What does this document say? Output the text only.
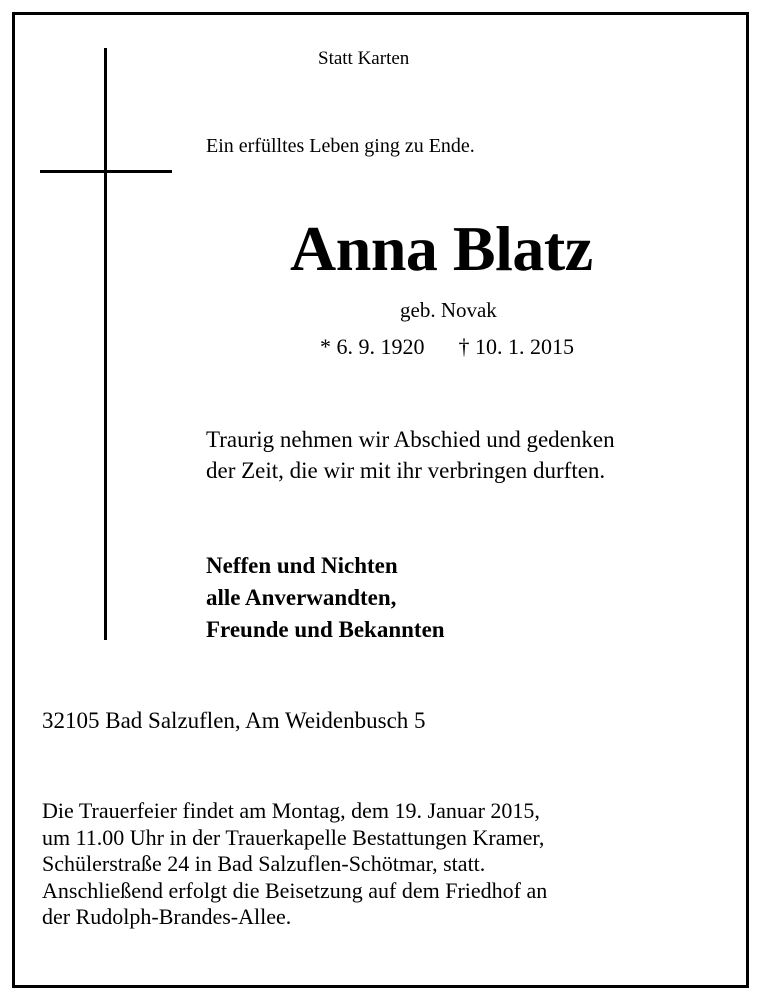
Statt Karten

Ein erfülltes Leben ging zu Ende.

Anna Blatz

geb. Novak

* 6. 9. 1920 † 10. 1. 2015

Traurig nehmen wir Abschied und gedenken
der Zeit, die wir mit ihr verbringen durften.
Neffen und Nichten
alle Anverwandten,
Freunde und Bekannten

32105 Bad Salzuflen, Am Weidenbusch 5

Die Trauerfeier findet am Montag, dem 19. Januar 2015,
um 11.00 Uhr in der Trauerkapelle Bestattungen Kramer,
Schülerstraße 24 in Bad Salzuflen-Schötmar, statt.
Anschließend erfolgt die Beisetzung auf dem Friedhof an
der Rudolph-Brandes-Allee.
